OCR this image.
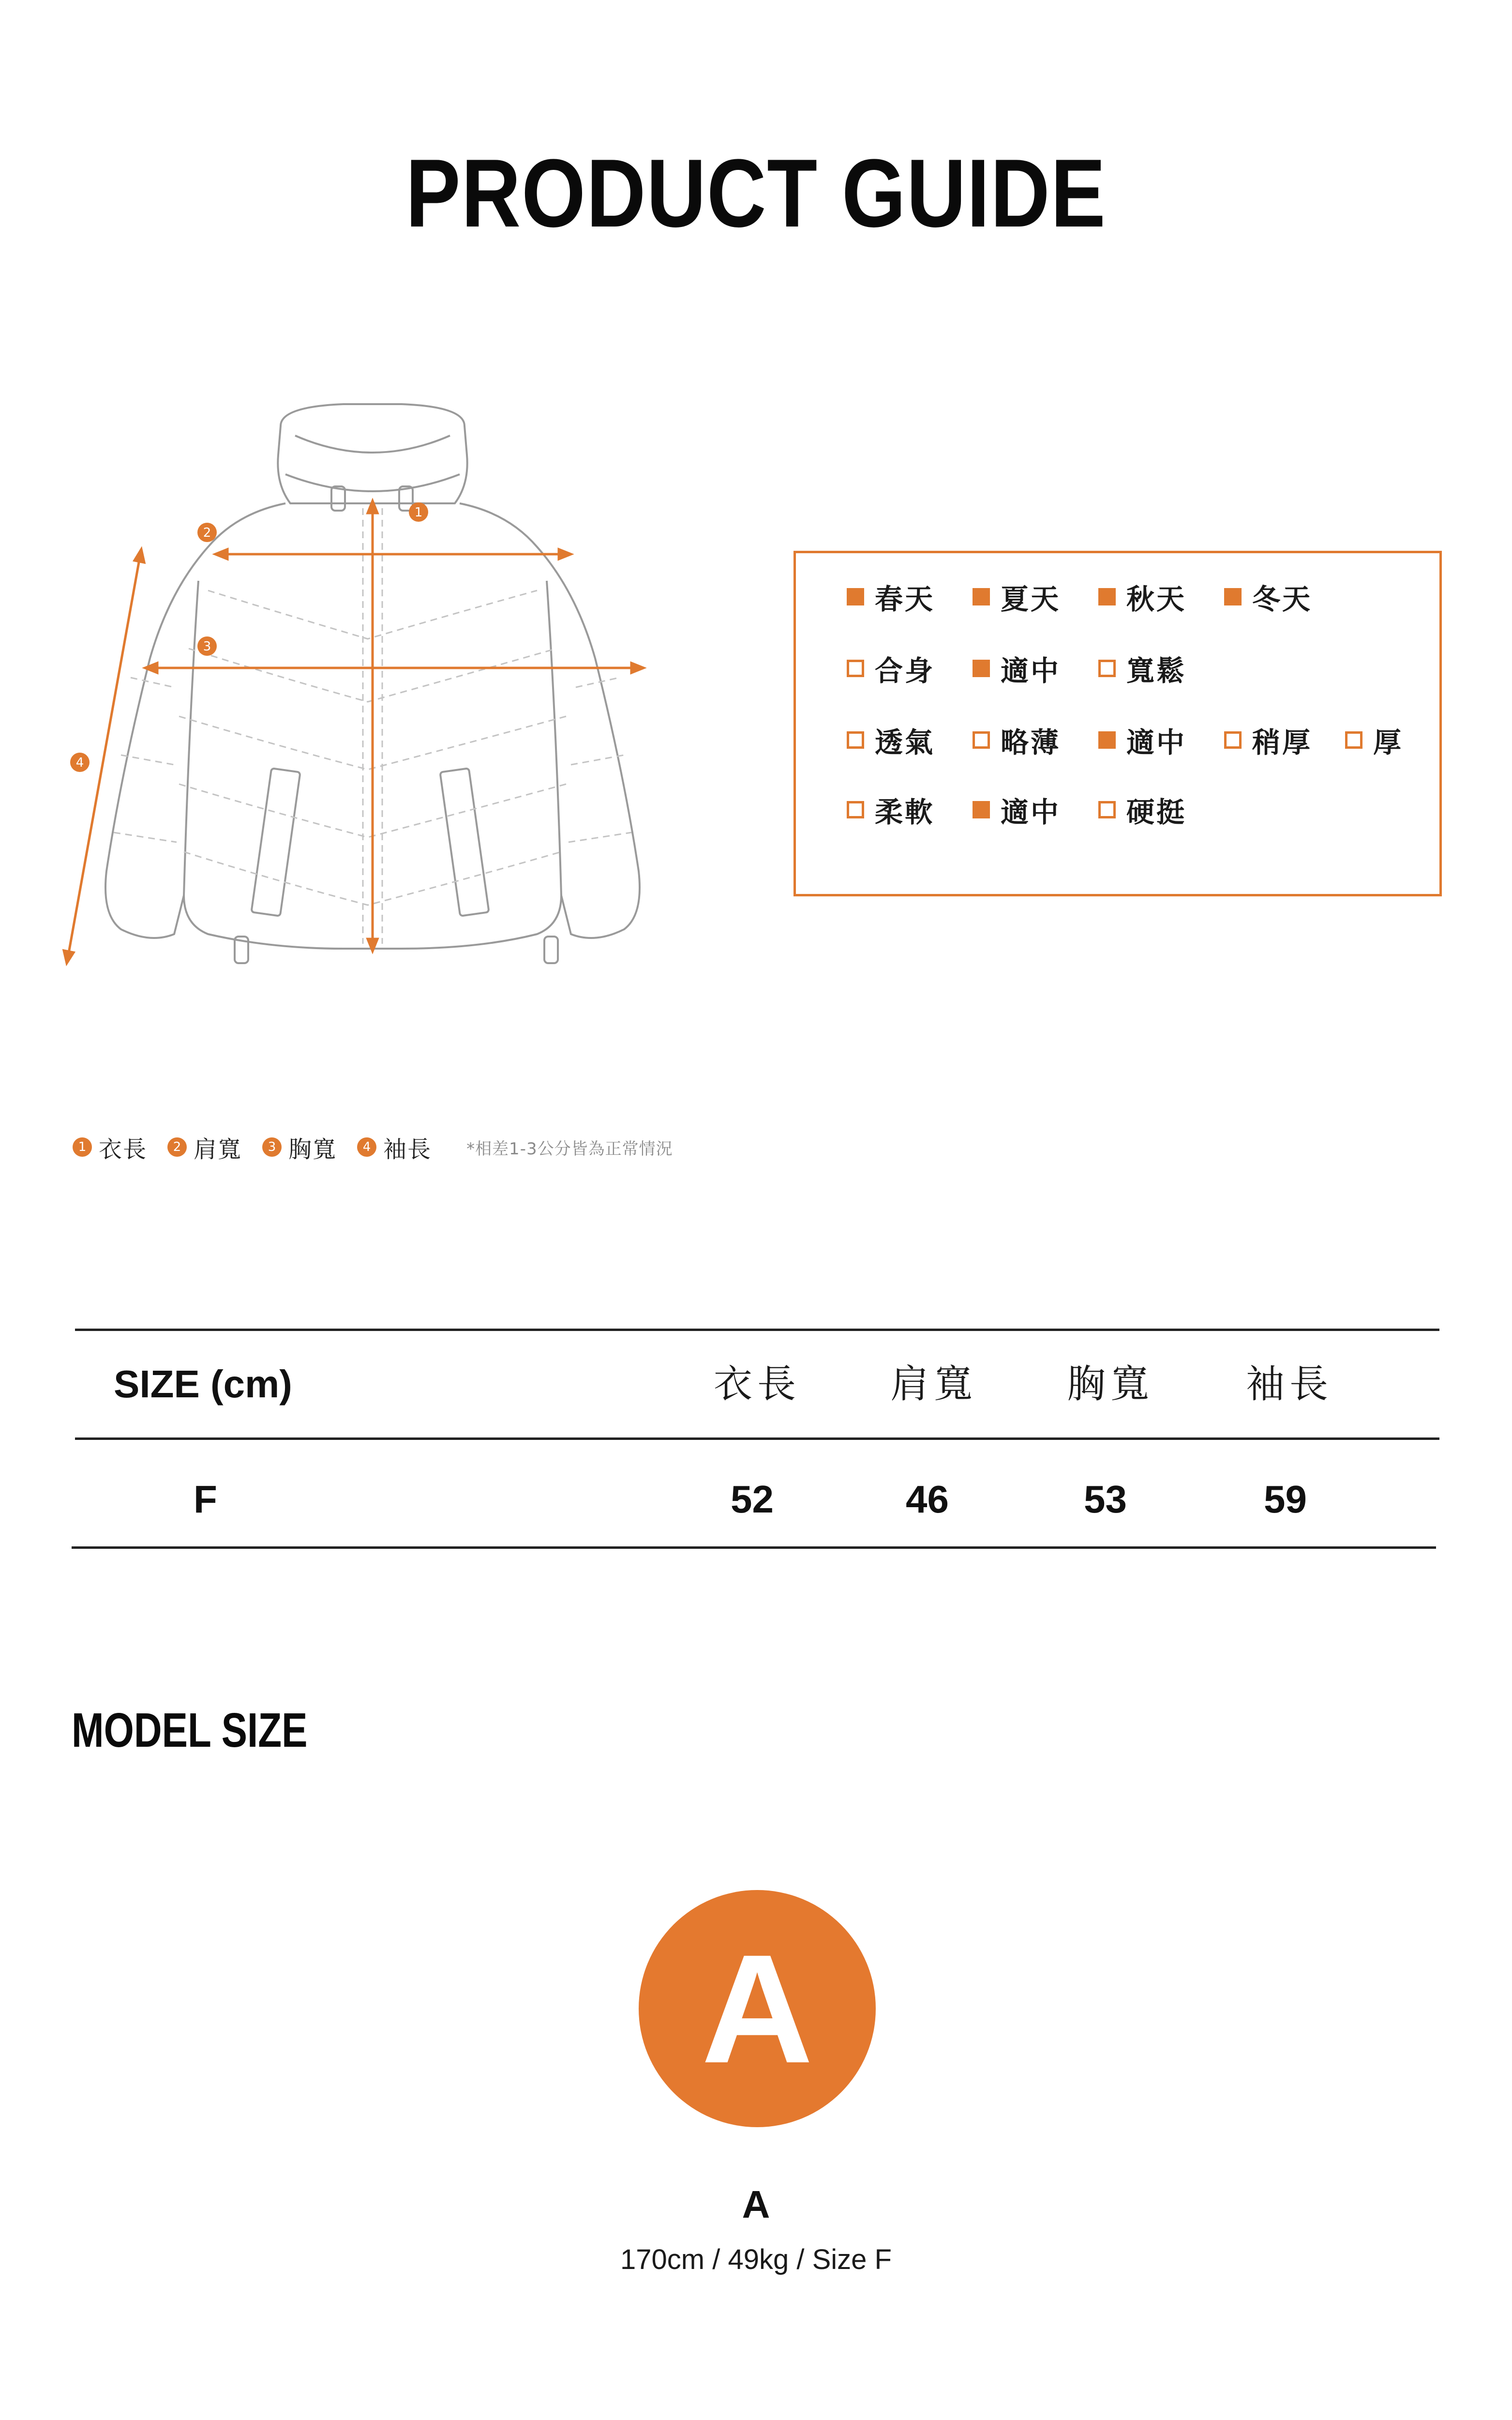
PRODUCT GUIDE
1
2
3
4
春天 夏天 秋天 冬天
合身 適中 寬鬆
透氣 略薄 適中 稍厚 厚
柔軟 適中 硬挺
1 衣長	2 肩寬	3 胸寬	4 袖長 *相差1-3公分皆為正常情況
SIZE (cm)	衣長 肩寬 胸寬 袖長
F	52	46	53	59
MODEL SIZE
A
A
170cm / 49kg / Size F
